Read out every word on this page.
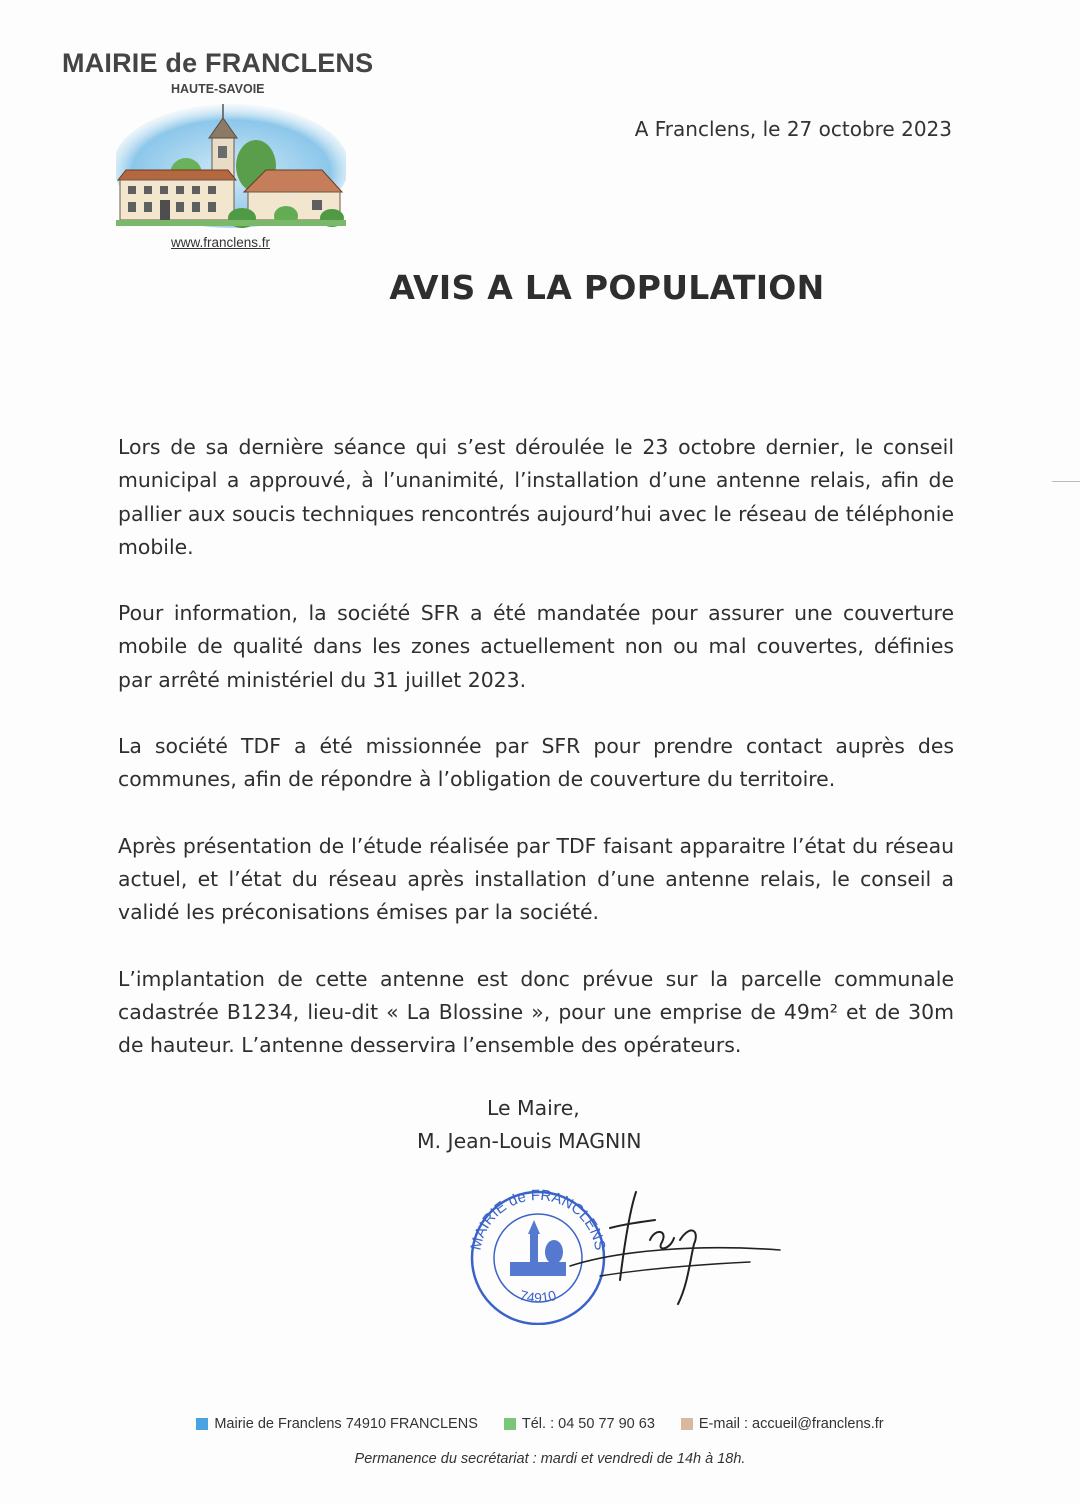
MAIRIE de FRANCLENS
HAUTE-SAVOIE
www.franclens.fr
A Franclens, le 27 octobre 2023
AVIS A LA POPULATION

Lors de sa dernière séance qui s’est déroulée le 23 octobre dernier, le conseil municipal a approuvé, à l’unanimité, l’installation d’une antenne relais, afin de pallier aux soucis techniques rencontrés aujourd’hui avec le réseau de téléphonie mobile.

Pour information, la société SFR a été mandatée pour assurer une couverture mobile de qualité dans les zones actuellement non ou mal couvertes, définies par arrêté ministériel du 31 juillet 2023.

La société TDF a été missionnée par SFR pour prendre contact auprès des communes, afin de répondre à l’obligation de couverture du territoire.

Après présentation de l’étude réalisée par TDF faisant apparaitre l’état du réseau actuel, et l’état du réseau après installation d’une antenne relais, le conseil a validé les préconisations émises par la société.

L’implantation de cette antenne est donc prévue sur la parcelle communale cadastrée B1234, lieu-dit « La Blossine », pour une emprise de 49m² et de 30m de hauteur. L’antenne desservira l’ensemble des opérateurs.

Le Maire,
M. Jean-Louis MAGNIN
MAIRIE de FRANCLENS
74910
Mairie de Franclens 74910 FRANCLENS	Tél. : 04 50 77 90 63	E-mail : accueil@franclens.fr
Permanence du secrétariat : mardi et vendredi de 14h à 18h.
